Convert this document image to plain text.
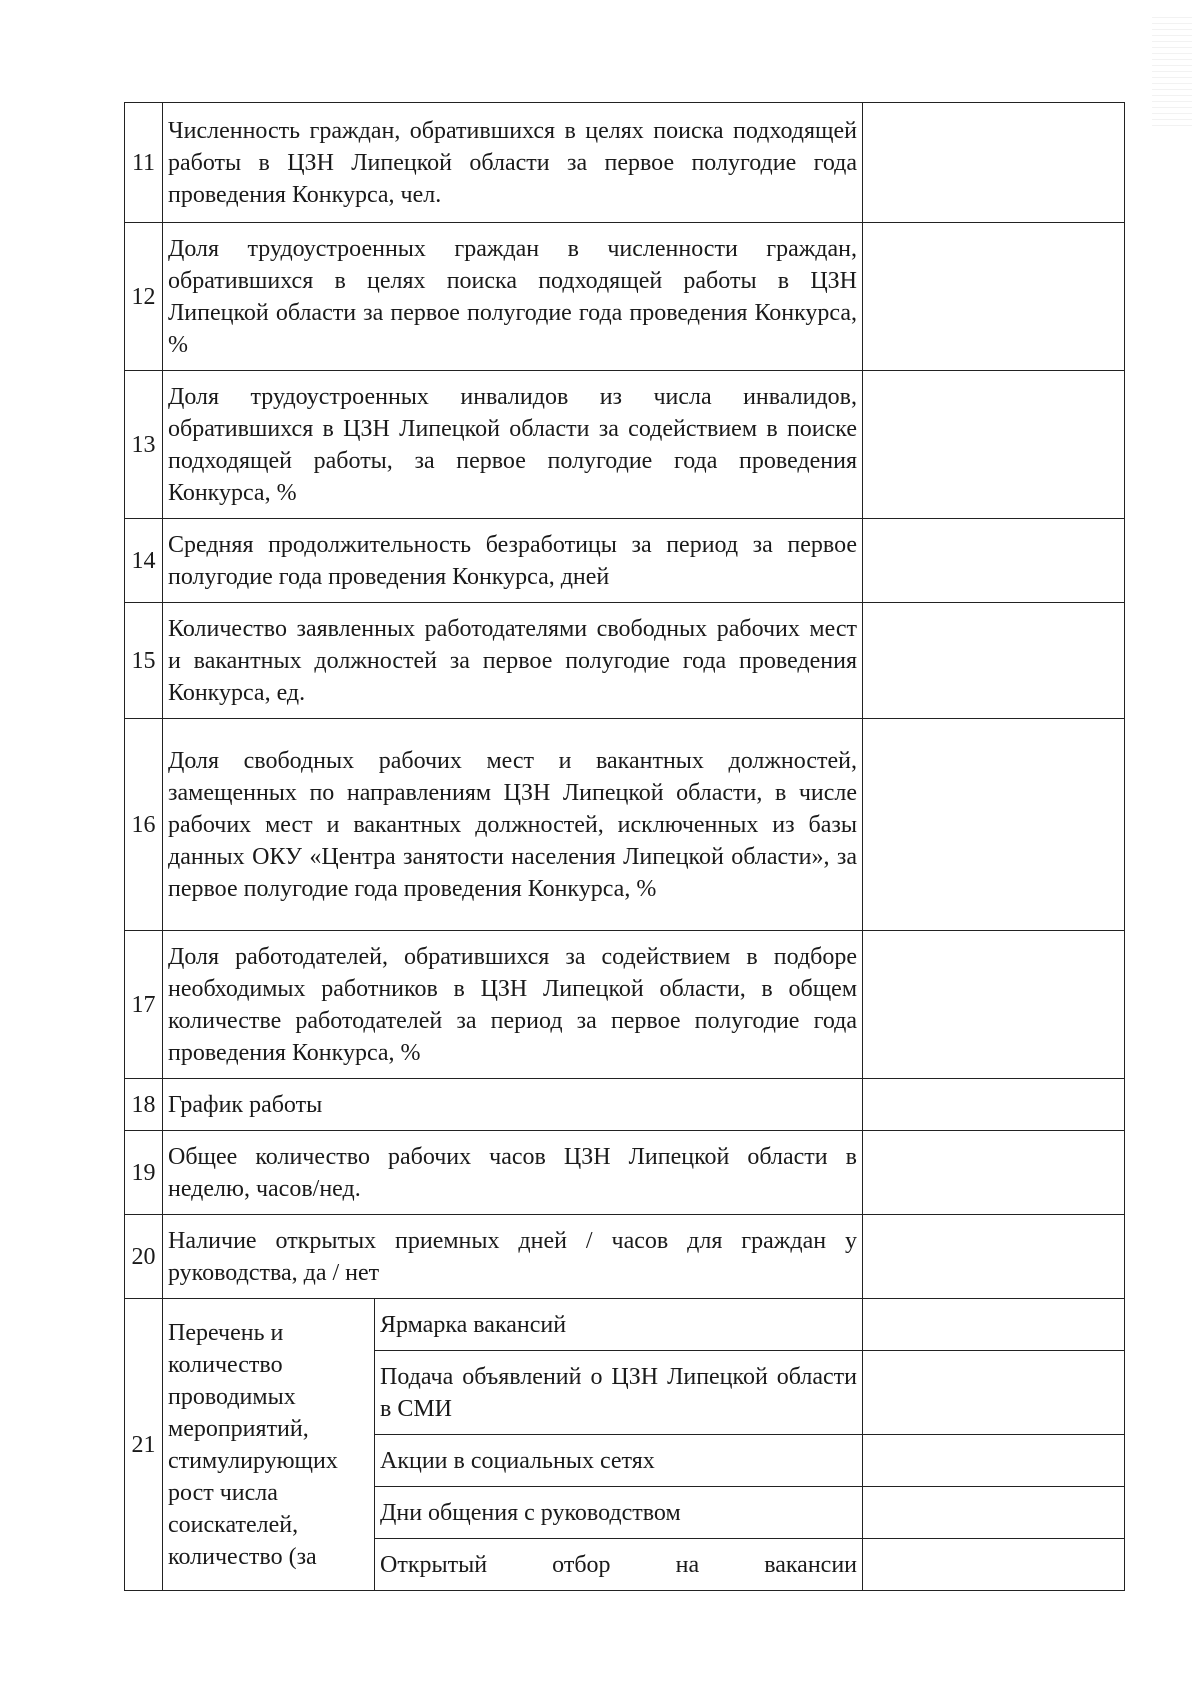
11	Численность граждан, обратившихся в целях поиска подходящей работы в ЦЗН Липецкой области за первое полугодие года проведения Конкурса, чел.		
12	Доля трудоустроенных граждан в численности граждан, обратившихся в целях поиска подходящей работы в ЦЗН Липецкой области за первое полугодие года проведения Конкурса, %		
13	Доля трудоустроенных инвалидов из числа инвалидов, обратившихся в ЦЗН Липецкой области за содействием в поиске подходящей работы, за первое полугодие года проведения Конкурса, %		
14	Средняя продолжительность безработицы за период за первое полугодие года проведения Конкурса, дней		
15	Количество заявленных работодателями свободных рабочих мест и вакантных должностей за первое полугодие года проведения Конкурса, ед.		
16	Доля свободных рабочих мест и вакантных должностей, замещенных по направлениям ЦЗН Липецкой области, в числе рабочих мест и вакантных должностей, исключенных из базы данных ОКУ «Центра занятости населения Липецкой области», за первое полугодие года проведения Конкурса, %		
17	Доля работодателей, обратившихся за содействием в подборе необходимых работников в ЦЗН Липецкой области, в общем количестве работодателей за период за первое полугодие года проведения Конкурса, %		
18	График работы		
19	Общее количество рабочих часов ЦЗН Липецкой области в неделю, часов/нед.		
20	Наличие открытых приемных дней / часов для граждан у руководства, да / нет		
21	Перечень и количество проводимых мероприятий, стимулирующих рост числа соискателей, количество (за	Ярмарка вакансий	
		Подача объявлений о ЦЗН Липецкой области в СМИ	
		Акции в социальных сетях	
		Дни общения с руководством	
		Открытый отбор на вакансии	
